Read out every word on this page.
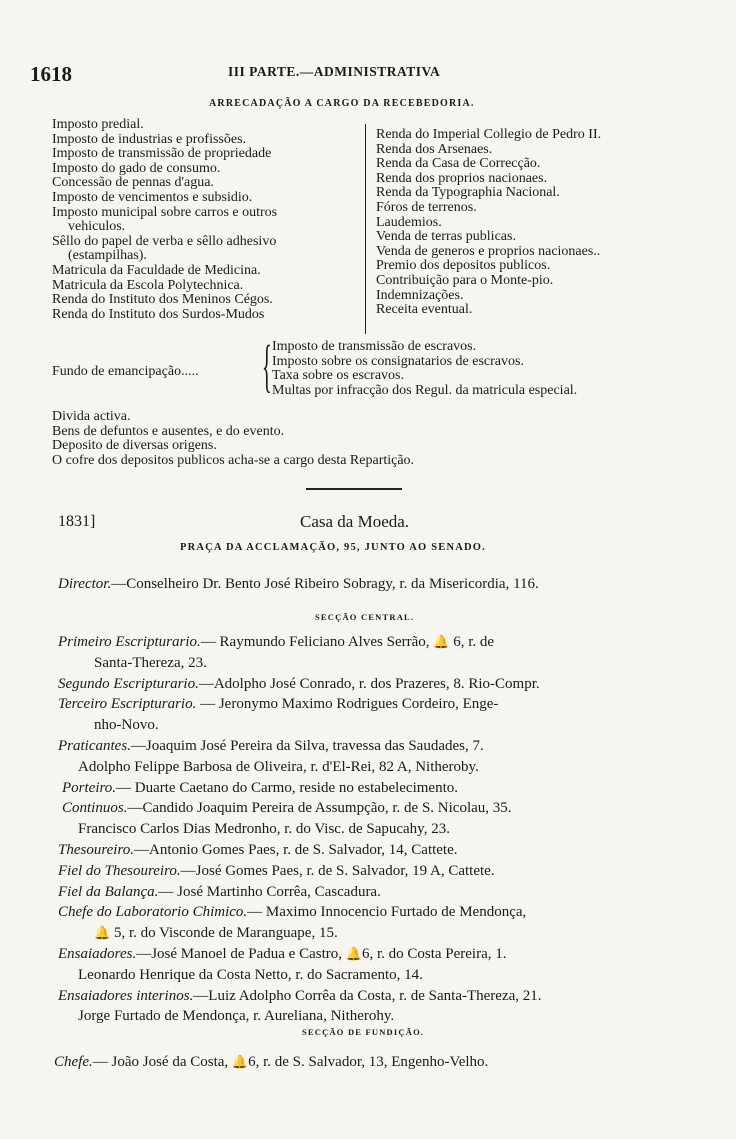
1618	III PARTE.—ADMINISTRATIVA
ARRECADAÇÃO A CARGO DA RECEBEDORIA.
Imposto predial.
Imposto de industrias e profissões.
Imposto de transmissão de propriedade
Imposto do gado de consumo.
Concessão de pennas d'agua.
Imposto de vencimentos e subsidio.
Imposto municipal sobre carros e outros
vehiculos.
Sêllo do papel de verba e sêllo adhesivo
(estampilhas).
Matricula da Faculdade de Medicina.
Matricula da Escola Polytechnica.
Renda do Instituto dos Meninos Cégos.
Renda do Instituto dos Surdos-Mudos
Renda do Imperial Collegio de Pedro II.
Renda dos Arsenaes.
Renda da Casa de Correcção.
Renda dos proprios nacionaes.
Renda da Typographia Nacional.
Fóros de terrenos.
Laudemios.
Venda de terras publicas.
Venda de generos e proprios nacionaes..
Premio dos depositos publicos.
Contribuição para o Monte-pio.
Indemnizações.
Receita eventual.
Fundo de emancipação..... { Imposto de transmissão de escravos.
Imposto sobre os consignatarios de escravos.
Taxa sobre os escravos.
Multas por infracção dos Regul. da matricula especial.
Divida activa.
Bens de defuntos e ausentes, e do evento.
Deposito de diversas origens.
O cofre dos depositos publicos acha-se a cargo desta Repartição.
1831]	Casa da Moeda.
PRAÇA DA ACCLAMAÇÃO, 95, JUNTO AO SENADO.
Director.—Conselheiro Dr. Bento José Ribeiro Sobragy, r. da Misericordia, 116.
SECÇÃO CENTRAL.
Primeiro Escripturario.— Raymundo Feliciano Alves Serrão, 🔔 6, r. de
Santa-Thereza, 23.
Segundo Escripturario.—Adolpho José Conrado, r. dos Prazeres, 8. Rio-Compr.
Terceiro Escripturario. — Jeronymo Maximo Rodrigues Cordeiro, Enge-
nho-Novo.
Praticantes.—Joaquim José Pereira da Silva, travessa das Saudades, 7.
Adolpho Felippe Barbosa de Oliveira, r. d'El-Rei, 82 A, Nitheroby.
Porteiro.— Duarte Caetano do Carmo, reside no estabelecimento.
Continuos.—Candido Joaquim Pereira de Assumpção, r. de S. Nicolau, 35.
Francisco Carlos Dias Medronho, r. do Visc. de Sapucahy, 23.
Thesoureiro.—Antonio Gomes Paes, r. de S. Salvador, 14, Cattete.
Fiel do Thesoureiro.—José Gomes Paes, r. de S. Salvador, 19 A, Cattete.
Fiel da Balança.— José Martinho Corrêa, Cascadura.
Chefe do Laboratorio Chimico.— Maximo Innocencio Furtado de Mendonça,
🔔 5, r. do Visconde de Maranguape, 15.
Ensaiadores.—José Manoel de Padua e Castro, 🔔6, r. do Costa Pereira, 1.
Leonardo Henrique da Costa Netto, r. do Sacramento, 14.
Ensaiadores interinos.—Luiz Adolpho Corrêa da Costa, r. de Santa-Thereza, 21.
Jorge Furtado de Mendonça, r. Aureliana, Nitherohy.
SECÇÃO DE FUNDIÇÃO.
Chefe.— João José da Costa, 🔔6, r. de S. Salvador, 13, Engenho-Velho.
